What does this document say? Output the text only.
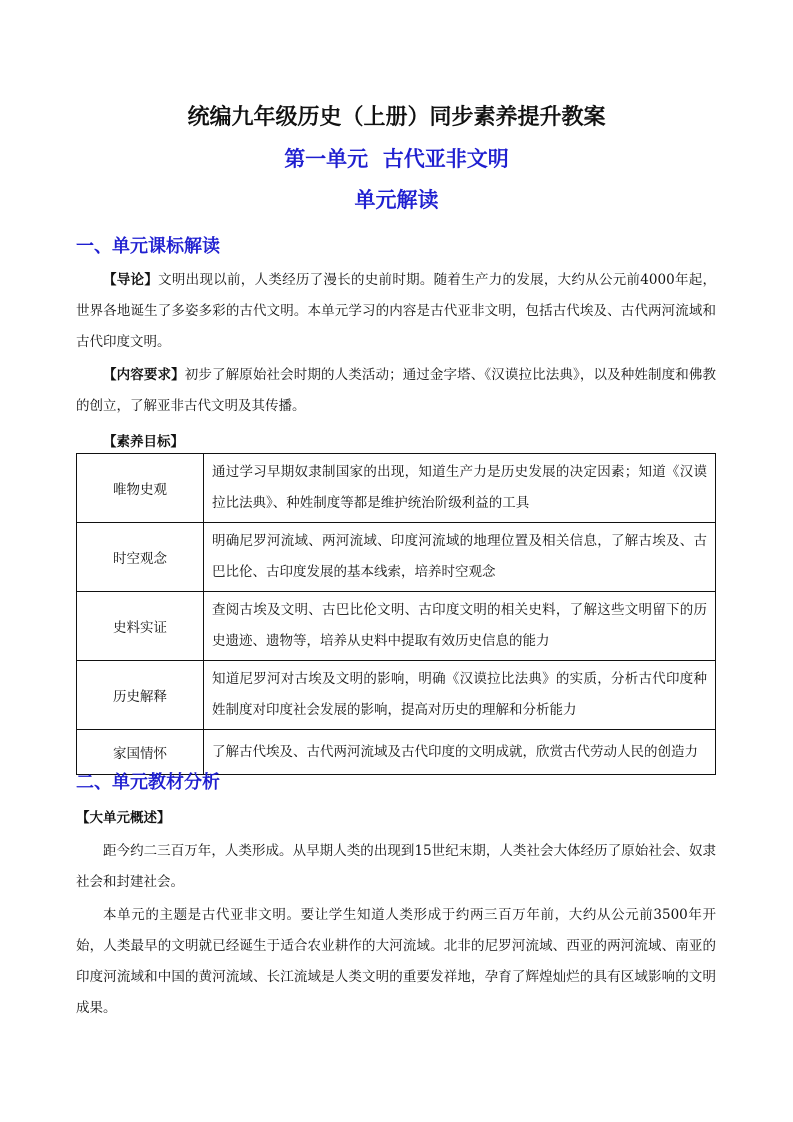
统编九年级历史（上册）同步素养提升教案
第一单元  古代亚非文明
单元解读
一、单元课标解读

【导论】文明出现以前，人类经历了漫长的史前时期。随着生产力的发展，大约从公元前4000年起，世界各地诞生了多姿多彩的古代文明。本单元学习的内容是古代亚非文明，包括古代埃及、古代两河流域和古代印度文明。

【内容要求】初步了解原始社会时期的人类活动；通过金字塔、《汉谟拉比法典》，以及种姓制度和佛教的创立，了解亚非古代文明及其传播。

【素养目标】
唯物史观	通过学习早期奴隶制国家的出现，知道生产力是历史发展的决定因素；知道《汉谟拉比法典》、种姓制度等都是维护统治阶级利益的工具
时空观念	明确尼罗河流域、两河流域、印度河流域的地理位置及相关信息，了解古埃及、古巴比伦、古印度发展的基本线索，培养时空观念
史料实证	查阅古埃及文明、古巴比伦文明、古印度文明的相关史料，了解这些文明留下的历史遗迹、遗物等，培养从史料中提取有效历史信息的能力
历史解释	知道尼罗河对古埃及文明的影响，明确《汉谟拉比法典》的实质，分析古代印度种姓制度对印度社会发展的影响，提高对历史的理解和分析能力
家国情怀	了解古代埃及、古代两河流域及古代印度的文明成就，欣赏古代劳动人民的创造力
二、单元教材分析
【大单元概述】

距今约二三百万年，人类形成。从早期人类的出现到15世纪末期，人类社会大体经历了原始社会、奴隶社会和封建社会。

本单元的主题是古代亚非文明。要让学生知道人类形成于约两三百万年前，大约从公元前3500年开始，人类最早的文明就已经诞生于适合农业耕作的大河流域。北非的尼罗河流域、西亚的两河流域、南亚的印度河流域和中国的黄河流域、长江流域是人类文明的重要发祥地，孕育了辉煌灿烂的具有区域影响的文明成果。
